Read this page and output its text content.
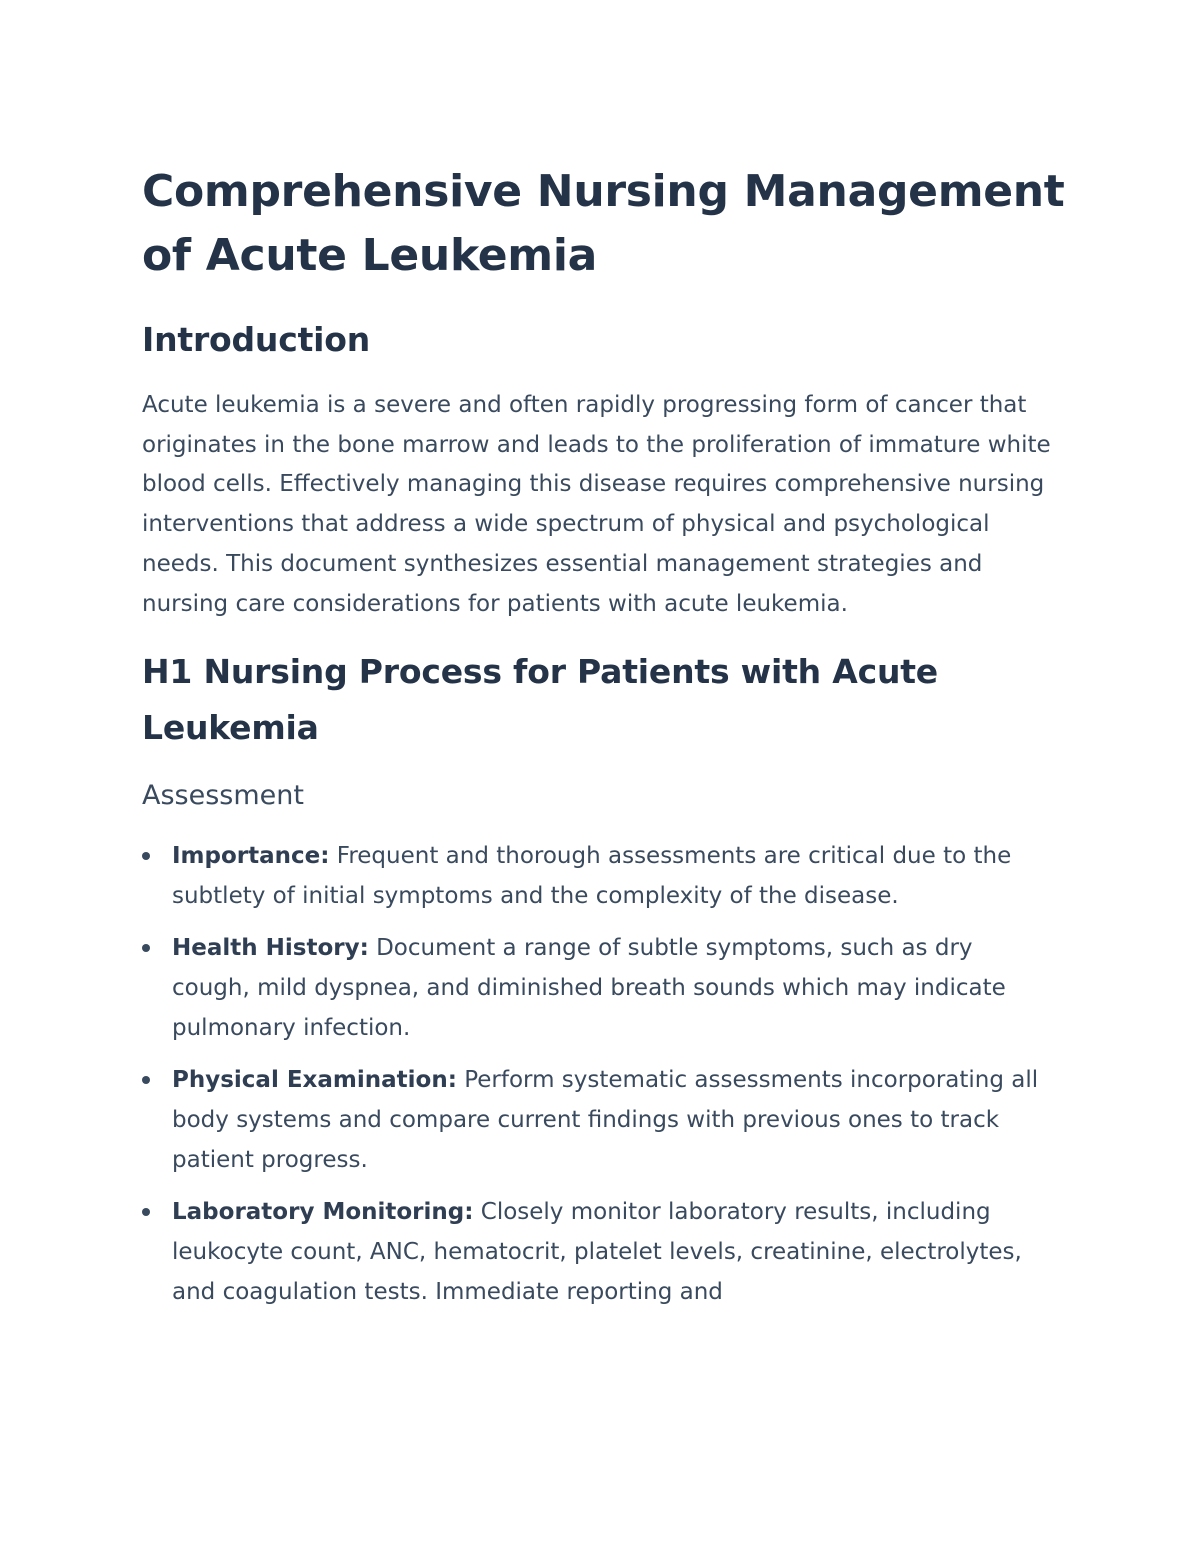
Comprehensive Nursing Management of Acute Leukemia
Introduction

Acute leukemia is a severe and often rapidly progressing form of cancer that originates in the bone marrow and leads to the proliferation of immature white blood cells. Effectively managing this disease requires comprehensive nursing interventions that address a wide spectrum of physical and psychological needs. This document synthesizes essential management strategies and nursing care considerations for patients with acute leukemia.

H1 Nursing Process for Patients with Acute Leukemia
Assessment
Importance: Frequent and thorough assessments are critical due to the subtlety of initial symptoms and the complexity of the disease.
Health History: Document a range of subtle symptoms, such as dry cough, mild dyspnea, and diminished breath sounds which may indicate pulmonary infection.
Physical Examination: Perform systematic assessments incorporating all body systems and compare current findings with previous ones to track patient progress.
Laboratory Monitoring: Closely monitor laboratory results, including leukocyte count, ANC, hematocrit, platelet levels, creatinine, electrolytes, and coagulation tests. Immediate reporting and
